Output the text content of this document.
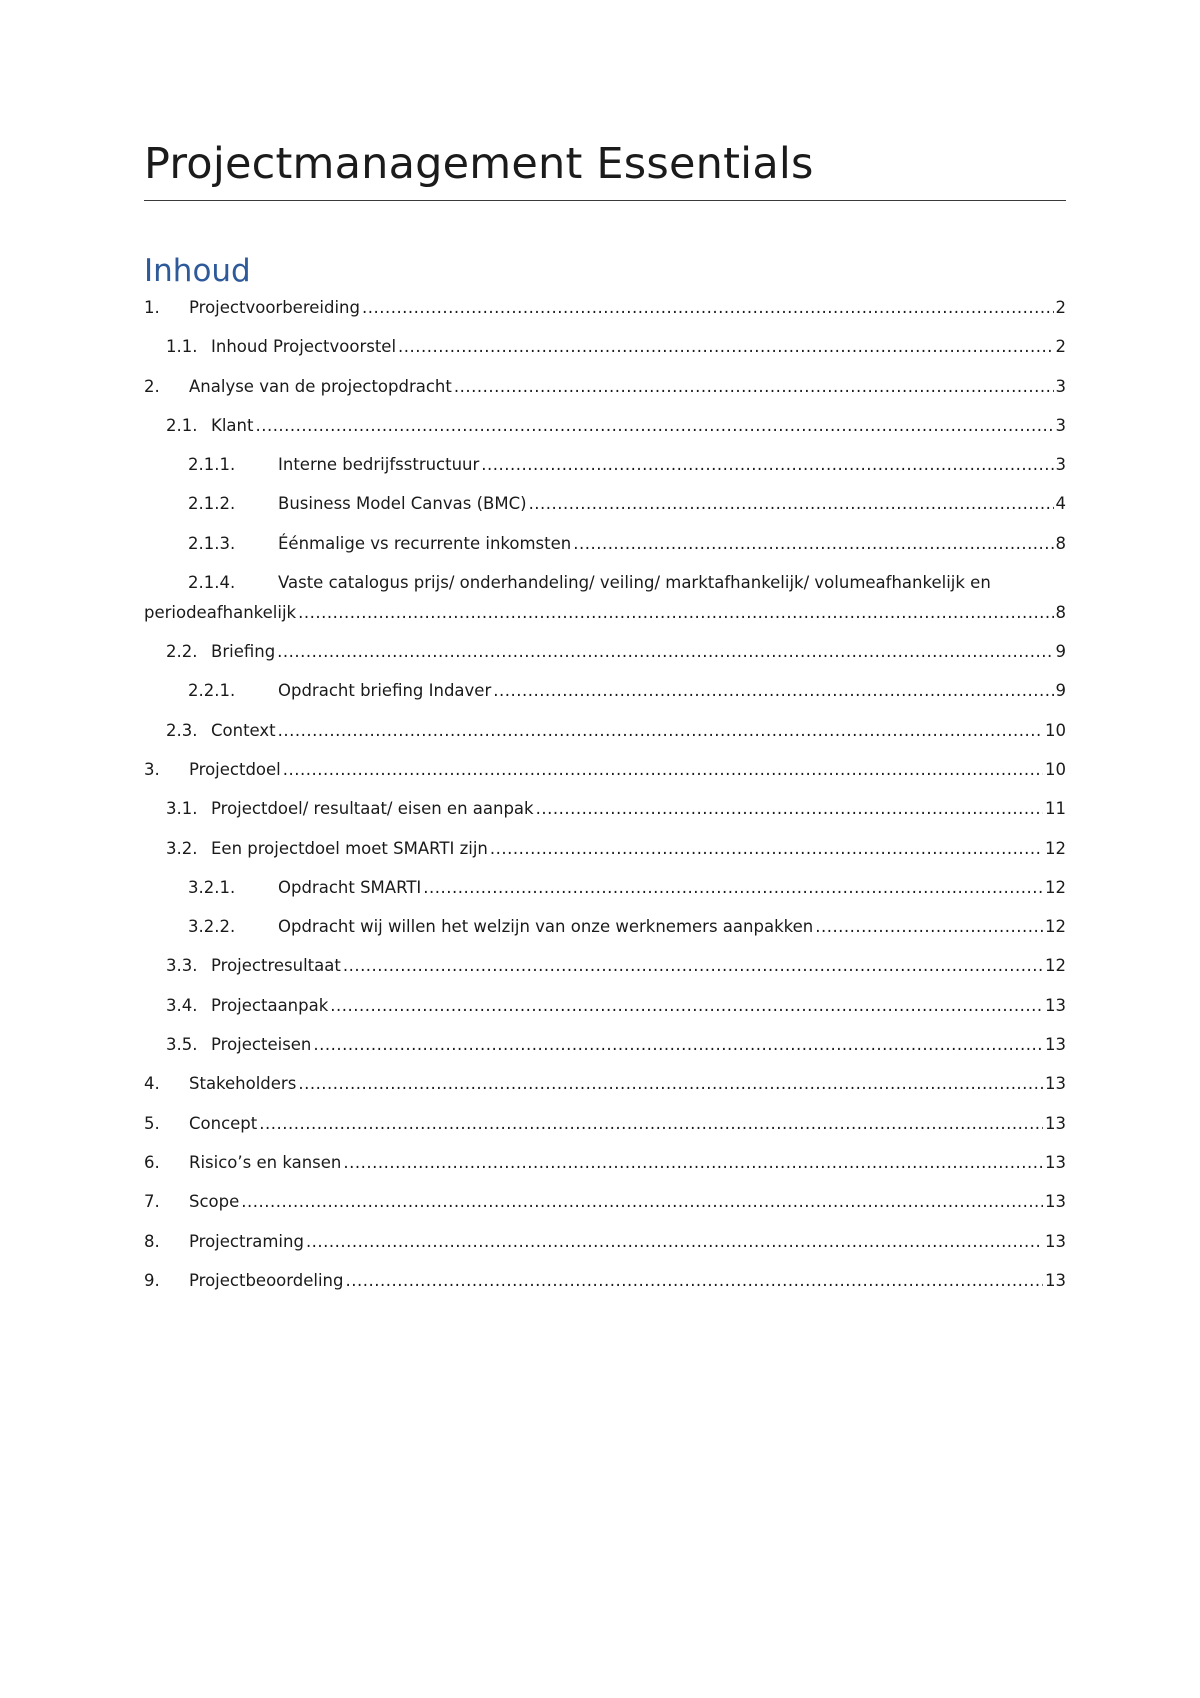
Projectmanagement Essentials
Inhoud
1.	Projectvoorbereiding .....	2
1.1. Inhoud Projectvoorstel .....	2
2.	Analyse van de projectopdracht .....	3
2.1. Klant .....	3
2.1.1.	Interne bedrijfsstructuur .....	3
2.1.2.	Business Model Canvas (BMC) .....	4
2.1.3.	Éénmalige vs recurrente inkomsten .....	8
2.1.4.	Vaste catalogus prijs/ onderhandeling/ veiling/ marktafhankelijk/ volumeafhankelijk en
periodeafhankelijk .....	8
2.2. Briefing .....	9
2.2.1.	Opdracht briefing Indaver .....	9
2.3. Context .....	10
3.	Projectdoel .....	10
3.1. Projectdoel/ resultaat/ eisen en aanpak .....	11
3.2. Een projectdoel moet SMARTI zijn .....	12
3.2.1.	Opdracht SMARTI .....	12
3.2.2.	Opdracht wij willen het welzijn van onze werknemers aanpakken .....	12
3.3. Projectresultaat .....	12
3.4. Projectaanpak .....	13
3.5. Projecteisen .....	13
4.	Stakeholders .....	13
5.	Concept .....	13
6.	Risico’s en kansen .....	13
7.	Scope .....	13
8.	Projectraming .....	13
9.	Projectbeoordeling .....	13
